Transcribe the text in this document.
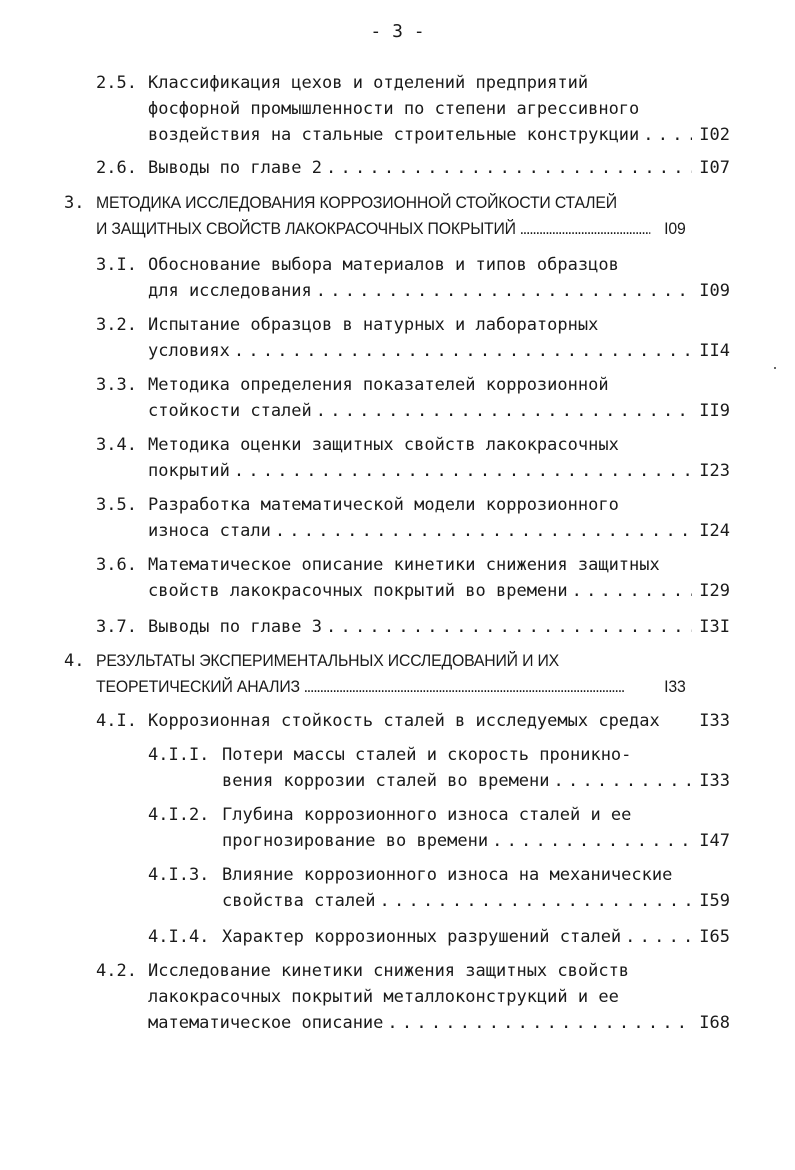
- 3 -
2.5. Классификация цехов и отделений предприятий
фосфорной промышленности по степени агрессивного
воздействия на стальные строительные конструкции . . .	I02
2.6. Выводы по главе 2 . . .	I07
3. МЕТОДИКА ИССЛЕДОВАНИЯ КОРРОЗИОННОЙ СТОЙКОСТИ СТАЛЕЙ
И ЗАЩИТНЫХ СВОЙСТВ ЛАКОКРАСОЧНЫХ ПОКРЫТИЙ . . .	I09
3.I. Обоснование выбора материалов и типов образцов
для исследования . . .	I09
3.2. Испытание образцов в натурных и лабораторных
условиях . . .	II4
3.3. Методика определения показателей коррозионной
стойкости сталей . . .	II9
3.4. Методика оценки защитных свойств лакокрасочных
покрытий . . .	I23
3.5. Разработка математической модели коррозионного
износа стали . . .	I24
3.6. Математическое описание кинетики снижения защитных
свойств лакокрасочных покрытий во времени . . .	I29
3.7. Выводы по главе 3 . . .	I3I
4. РЕЗУЛЬТАТЫ ЭКСПЕРИМЕНТАЛЬНЫХ ИССЛЕДОВАНИЙ И ИХ
ТЕОРЕТИЧЕСКИЙ АНАЛИЗ . . .	I33
4.I. Коррозионная стойкость сталей в исследуемых средах I33
4.I.I. Потери массы сталей и скорость проникно-
вения коррозии сталей во времени . . .	I33
4.I.2. Глубина коррозионного износа сталей и ее
прогнозирование во времени . . .	I47
4.I.3. Влияние коррозионного износа на механические
свойства сталей . . .	I59
4.I.4. Характер коррозионных разрушений сталей . . .	I65
4.2. Исследование кинетики снижения защитных свойств
лакокрасочных покрытий металлоконструкций и ее
математическое описание . . .	I68
